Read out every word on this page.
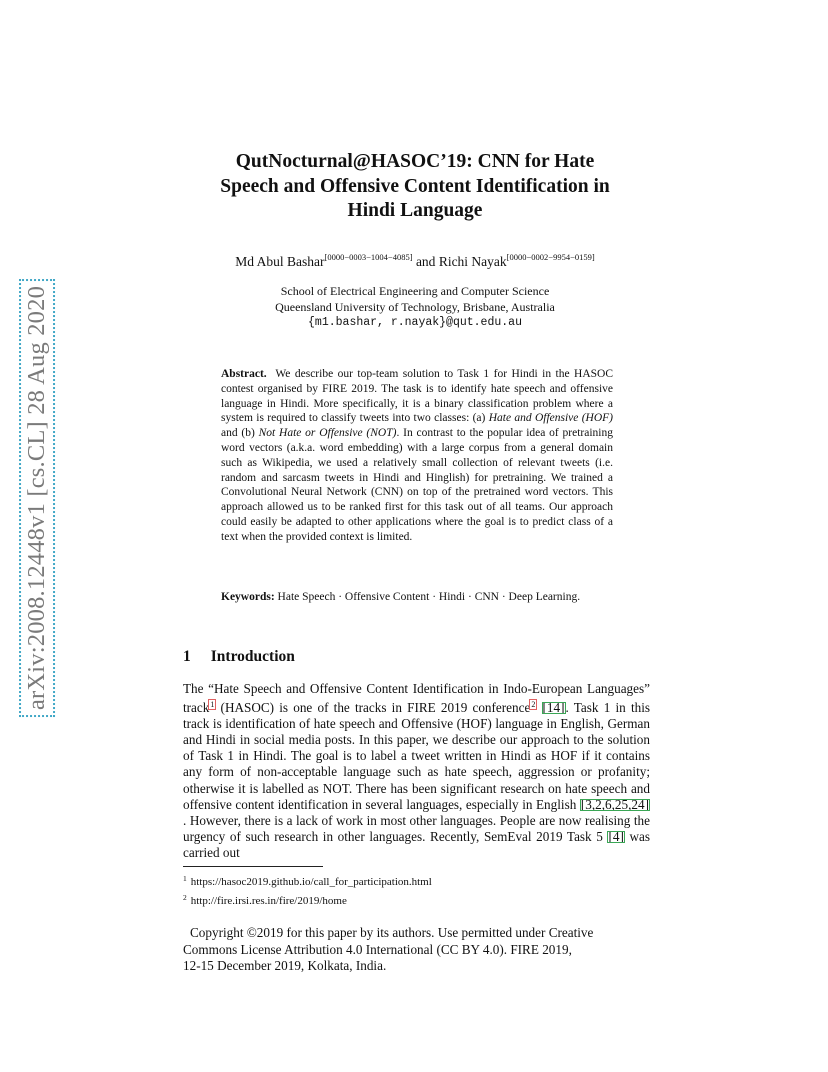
arXiv:2008.12448v1 [cs.CL] 28 Aug 2020
QutNocturnal@HASOC’19: CNN for Hate
Speech and Offensive Content Identification in
Hindi Language
Md Abul Bashar[0000−0003−1004−4085] and Richi Nayak[0000−0002−9954−0159]
School of Electrical Engineering and Computer Science
Queensland University of Technology, Brisbane, Australia
{m1.bashar, r.nayak}@qut.edu.au
Abstract. We describe our top-team solution to Task 1 for Hindi in the HASOC contest organised by FIRE 2019. The task is to identify hate speech and offensive language in Hindi. More specifically, it is a binary classification problem where a system is required to classify tweets into two classes: (a) Hate and Offensive (HOF) and (b) Not Hate or Offensive (NOT). In contrast to the popular idea of pretraining word vectors (a.k.a. word embedding) with a large corpus from a general domain such as Wikipedia, we used a relatively small collection of relevant tweets (i.e. random and sarcasm tweets in Hindi and Hinglish) for pretraining. We trained a Convolutional Neural Network (CNN) on top of the pretrained word vectors. This approach allowed us to be ranked first for this task out of all teams. Our approach could easily be adapted to other applications where the goal is to predict class of a text when the provided context is limited.
Keywords: Hate Speech · Offensive Content · Hindi · CNN · Deep Learning.
1 Introduction
The “Hate Speech and Offensive Content Identification in Indo-European Languages” track$^1$ (HASOC) is one of the tracks in FIRE 2019 conference$^2$ [14]. Task 1 in this track is identification of hate speech and Offensive (HOF) language in English, German and Hindi in social media posts. In this paper, we describe our approach to the solution of Task 1 in Hindi. The goal is to label a tweet written in Hindi as HOF if it contains any form of non-acceptable language such as hate speech, aggression or profanity; otherwise it is labelled as NOT. There has been significant research on hate speech and offensive content identification in several languages, especially in English [3,2,6,25,24]. However, there is a lack of work in most other languages. People are now realising the urgency of such research in other languages. Recently, SemEval 2019 Task 5 [4] was carried out
$^1$ https://hasoc2019.github.io/call_for_participation.html
$^2$ http://fire.irsi.res.in/fire/2019/home
Copyright ©2019 for this paper by its authors. Use permitted under Creative
Commons License Attribution 4.0 International (CC BY 4.0). FIRE 2019,
12-15 December 2019, Kolkata, India.
